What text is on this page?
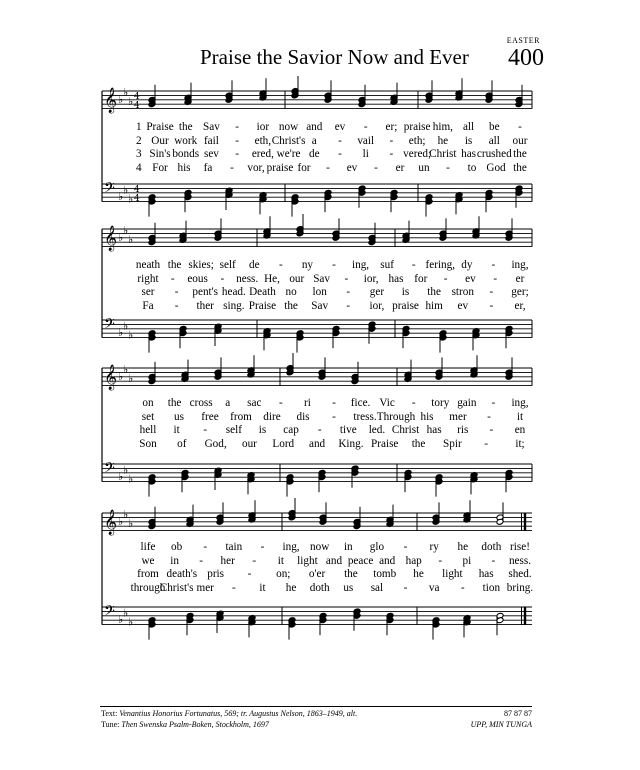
EASTER
400
Praise the Savior Now and Ever
𝄞 ♭
♭
♭ 4
4
𝄢 ♭
♭
♭
4
4
𝄞 ♭
♭
♭
𝄢 ♭
♭
♭
𝄞 ♭
♭
♭
𝄢 ♭
♭
♭
𝄞 ♭
♭
♭
𝄢 ♭
♭
♭
1 Praise the Sav - ior now and ev - er; praise him, all be -
2 Our work fail - eth, Christ's a - vail - eth; he is all our
3 Sin's bonds sev - ered, we're de - li - vered;
Christ has crushed the
4 For his fa - vor, praise for - ev - er un - to God the
neath the skies; self de - ny - ing, suf - fering, dy - ing,
right - eous - ness. He, our Sav - ior, has for - ev - er
ser - pent's head. Death no lon - ger is the stron - ger;
Fa - ther sing. Praise the Sav - ior, praise him ev - er,
on the cross a sac - ri - fice. Vic - tory gain - ing,
set us free from dire dis - tress. Through his mer - it
hell it - self is cap - tive led. Christ has ris - en
Son of God, our Lord and King. Praise the Spir - it;
life ob - tain - ing, now in glo - ry he doth rise!
we in - her - it light and peace and hap - pi - ness.
from death's pris - on; o'er the tomb he light has shed.
through
Christ's mer - it he doth us sal - va - tion bring.
Text: Venantius Honorius Fortunatus, 569; tr. Augustus Nelson, 1863–1949, alt.
Tune: Then Swenska Psalm-Boken, Stockholm, 1697
87 87 87
UPP, MIN TUNGA
